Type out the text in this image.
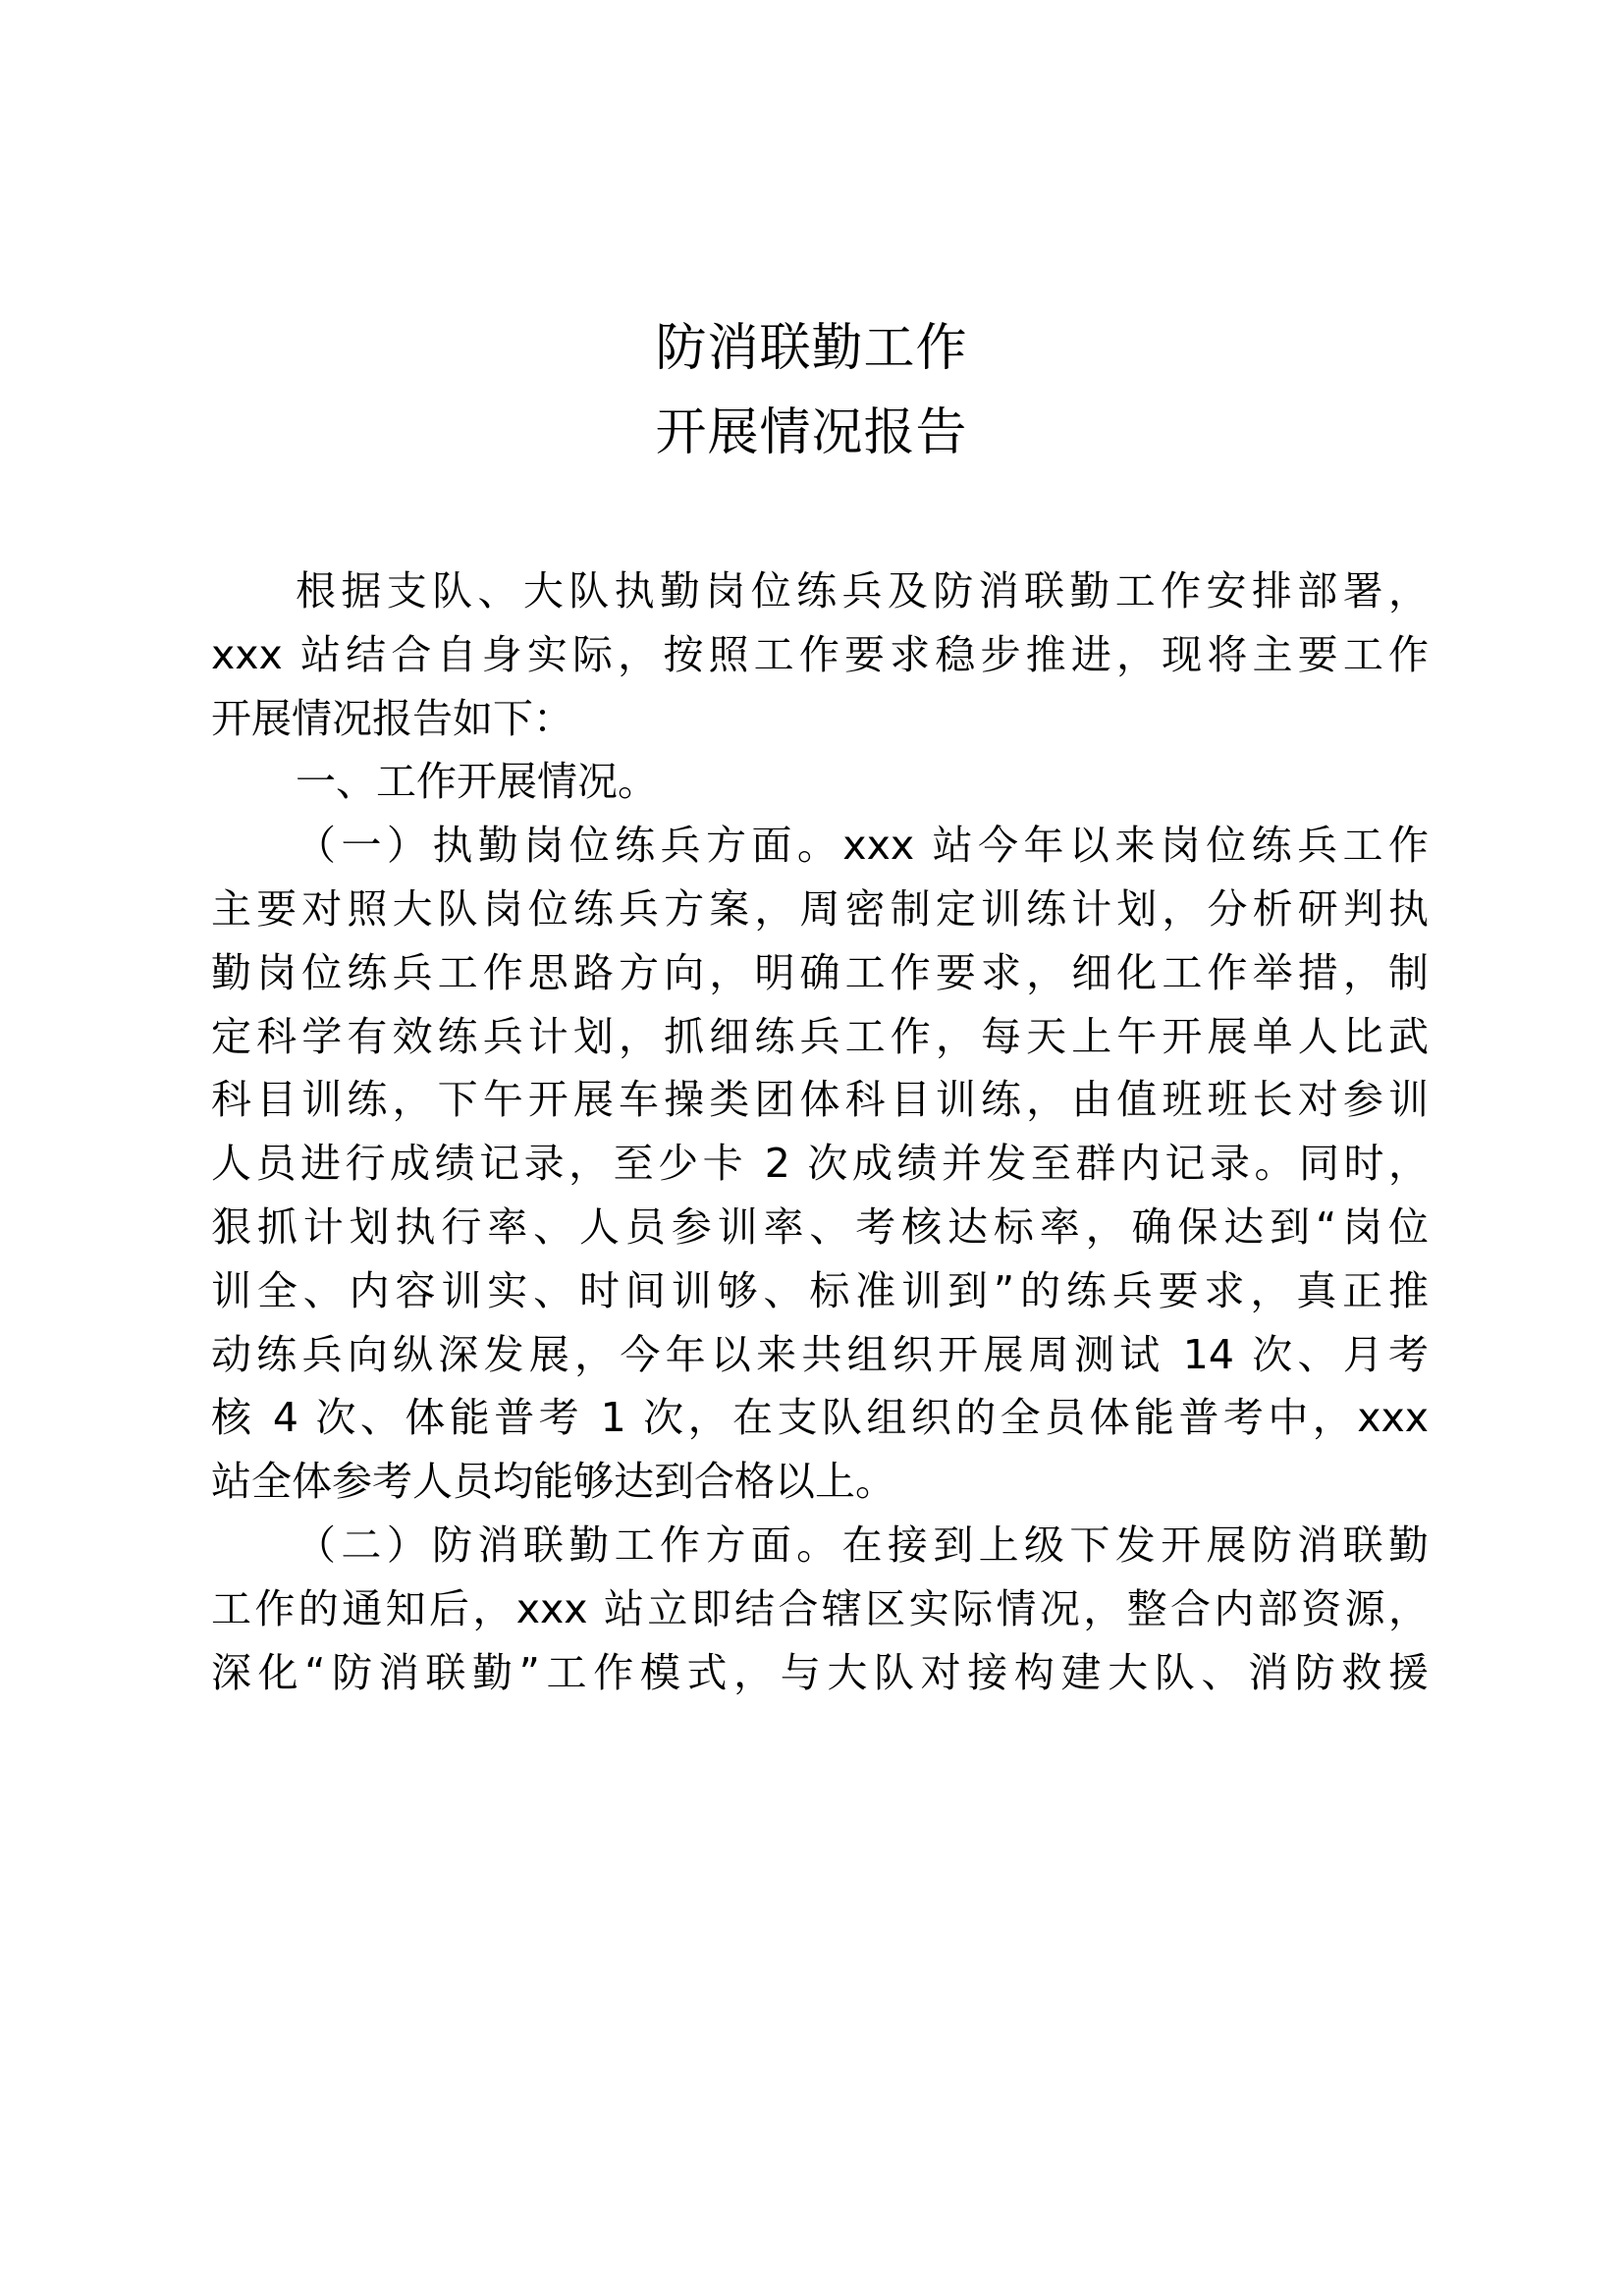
防消联勤工作
开展情况报告
根据支队、大队执勤岗位练兵及防消联勤工作安排部署，
xxx 站结合自身实际，按照工作要求稳步推进，现将主要工作
开展情况报告如下：
一、工作开展情况。
（一）执勤岗位练兵方面。xxx 站今年以来岗位练兵工作
主要对照大队岗位练兵方案，周密制定训练计划，分析研判执
勤岗位练兵工作思路方向，明确工作要求，细化工作举措，制
定科学有效练兵计划，抓细练兵工作，每天上午开展单人比武
科目训练，下午开展车操类团体科目训练，由值班班长对参训
人员进行成绩记录，至少卡 2 次成绩并发至群内记录。同时，
狠抓计划执行率、人员参训率、考核达标率，确保达到“岗位
训全、内容训实、时间训够、标准训到”的练兵要求，真正推
动练兵向纵深发展，今年以来共组织开展周测试 14 次、月考
核 4 次、体能普考 1 次，在支队组织的全员体能普考中，xxx
站全体参考人员均能够达到合格以上。
（二）防消联勤工作方面。在接到上级下发开展防消联勤
工作的通知后，xxx 站立即结合辖区实际情况，整合内部资源，
深化“防消联勤”工作模式，与大队对接构建大队、消防救援
